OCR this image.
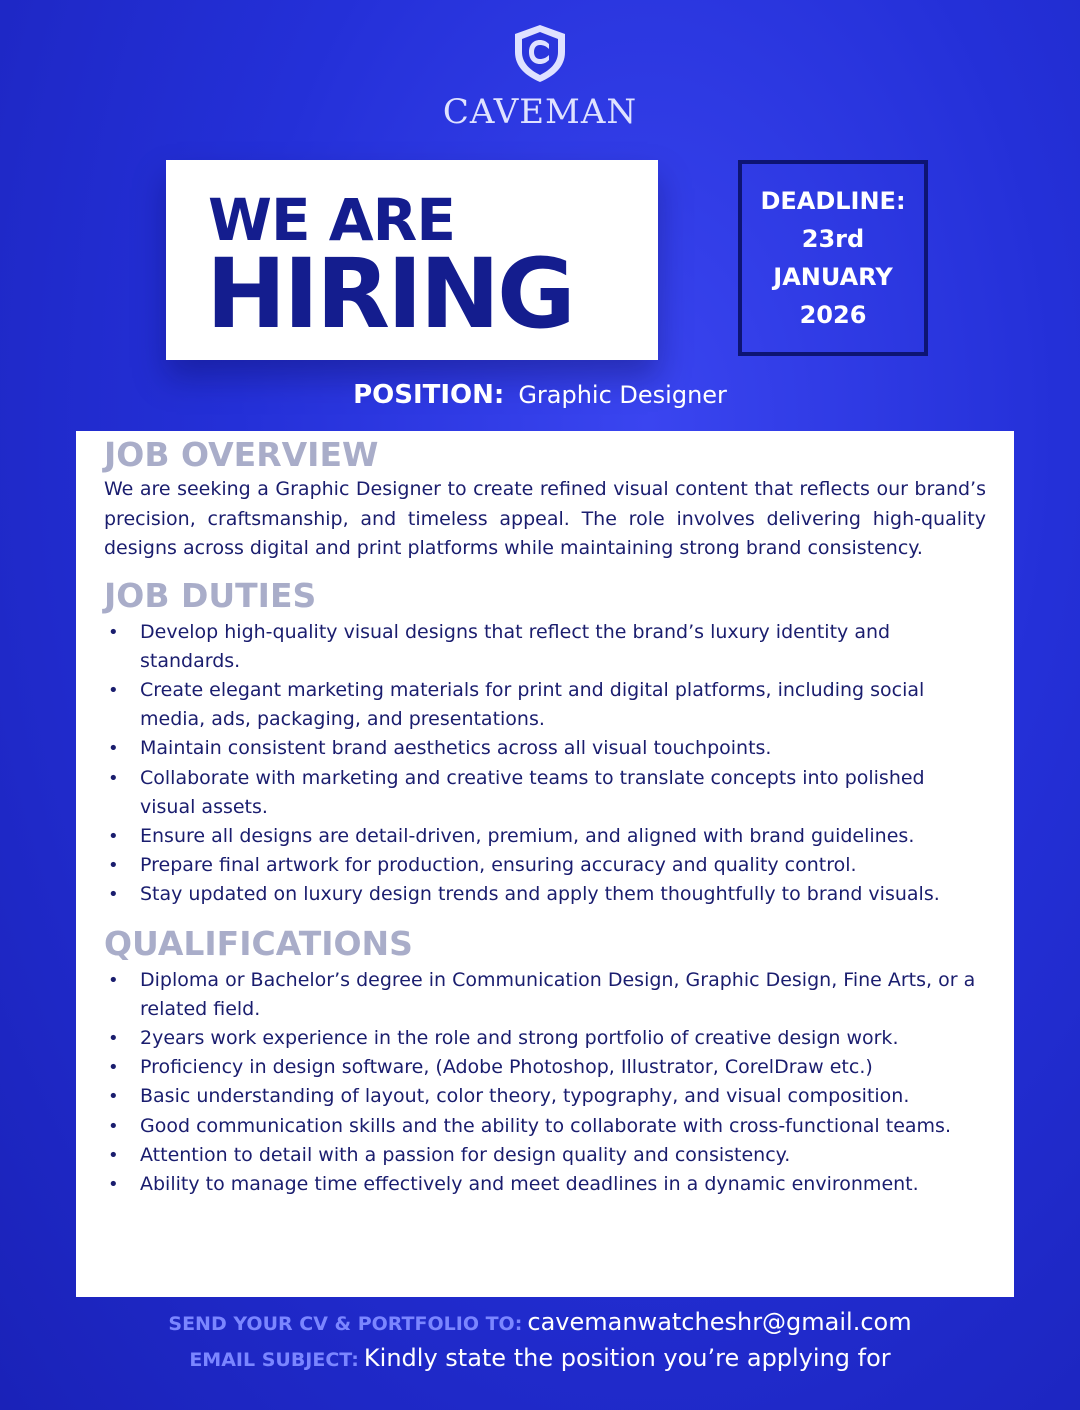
CAVEMAN
WE ARE
HIRING
DEADLINE:
23rd
JANUARY
2026
POSITION: Graphic Designer
JOB OVERVIEW

We are seeking a Graphic Designer to create refined visual content that reflects our brand’s precision, craftsmanship, and timeless appeal. The role involves delivering high-quality designs across digital and print platforms while maintaining strong brand consistency.

JOB DUTIES
• Develop high-quality visual designs that reflect the brand’s luxury identity and standards.
• Create elegant marketing materials for print and digital platforms, including social media, ads, packaging, and presentations.
• Maintain consistent brand aesthetics across all visual touchpoints.
• Collaborate with marketing and creative teams to translate concepts into polished visual assets.
• Ensure all designs are detail-driven, premium, and aligned with brand guidelines.
• Prepare final artwork for production, ensuring accuracy and quality control.
• Stay updated on luxury design trends and apply them thoughtfully to brand visuals.
QUALIFICATIONS
• Diploma or Bachelor’s degree in Communication Design, Graphic Design, Fine Arts, or a related field.
• 2years work experience in the role and strong portfolio of creative design work.
• Proficiency in design software, (Adobe Photoshop, Illustrator, CorelDraw etc.)
• Basic understanding of layout, color theory, typography, and visual composition.
• Good communication skills and the ability to collaborate with cross-functional teams.
• Attention to detail with a passion for design quality and consistency.
• Ability to manage time effectively and meet deadlines in a dynamic environment.
SEND YOUR CV & PORTFOLIO TO: cavemanwatcheshr@gmail.com
EMAIL SUBJECT: Kindly state the position you’re applying for
